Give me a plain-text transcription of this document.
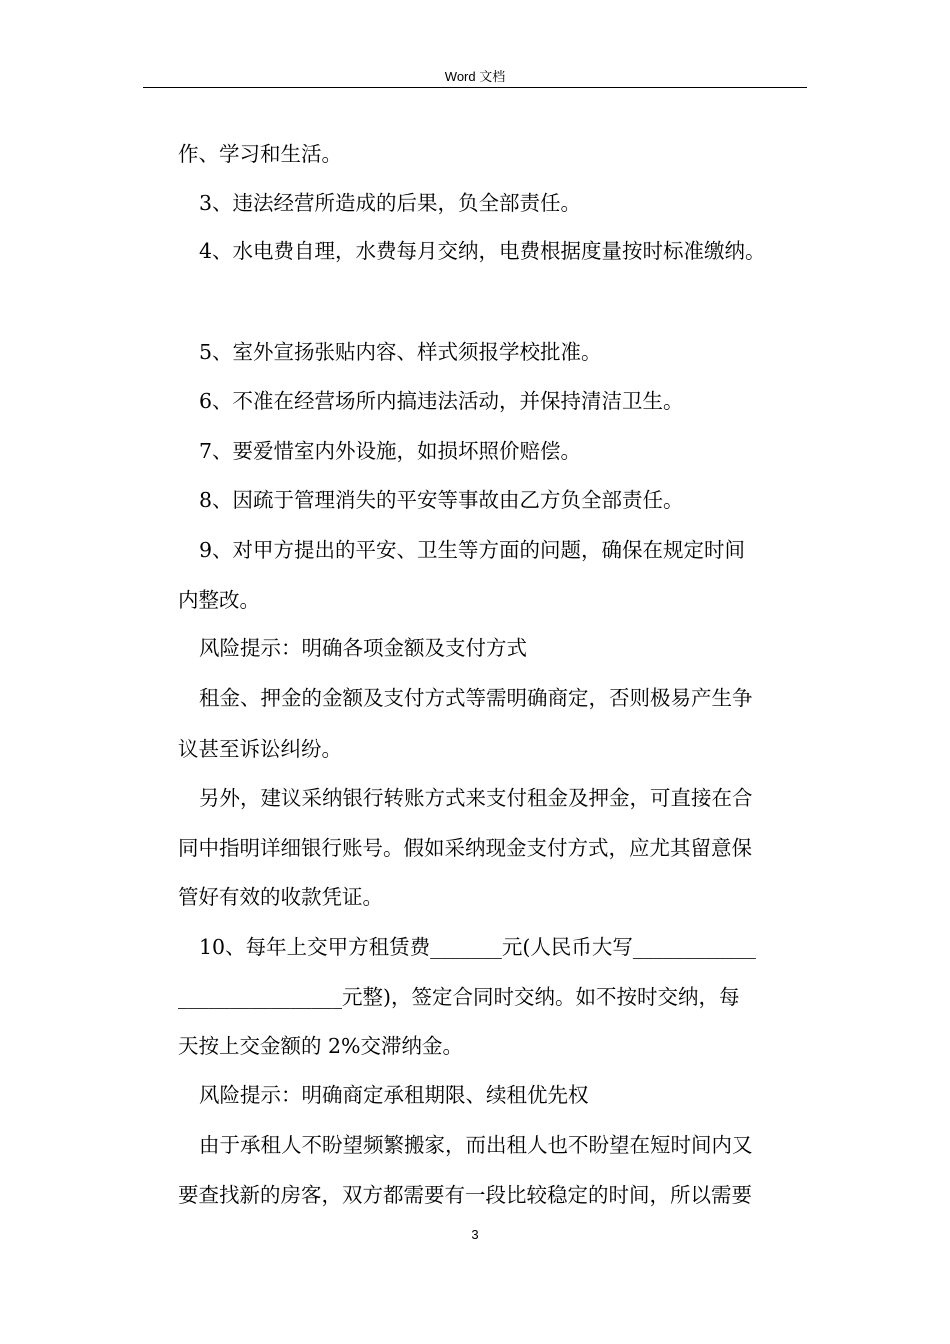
Word 文档
作、学习和生活。
3、违法经营所造成的后果，负全部责任。
4、水电费自理，水费每月交纳，电费根据度量按时标准缴纳。
5、室外宣扬张贴内容、样式须报学校批准。
6、不准在经营场所内搞违法活动，并保持清洁卫生。
7、要爱惜室内外设施，如损坏照价赔偿。
8、因疏于管理消失的平安等事故由乙方负全部责任。
9、对甲方提出的平安、卫生等方面的问题，确保在规定时间
内整改。
风险提示：明确各项金额及支付方式
租金、押金的金额及支付方式等需明确商定，否则极易产生争
议甚至诉讼纠纷。
另外，建议采纳银行转账方式来支付租金及押金，可直接在合
同中指明详细银行账号。假如采纳现金支付方式，应尤其留意保
管好有效的收款凭证。
10、每年上交甲方租赁费_______元(人民币大写____________
________________元整)，签定合同时交纳。如不按时交纳，每
天按上交金额的 2%交滞纳金。
风险提示：明确商定承租期限、续租优先权
由于承租人不盼望频繁搬家，而出租人也不盼望在短时间内又
要查找新的房客，双方都需要有一段比较稳定的时间，所以需要
3
